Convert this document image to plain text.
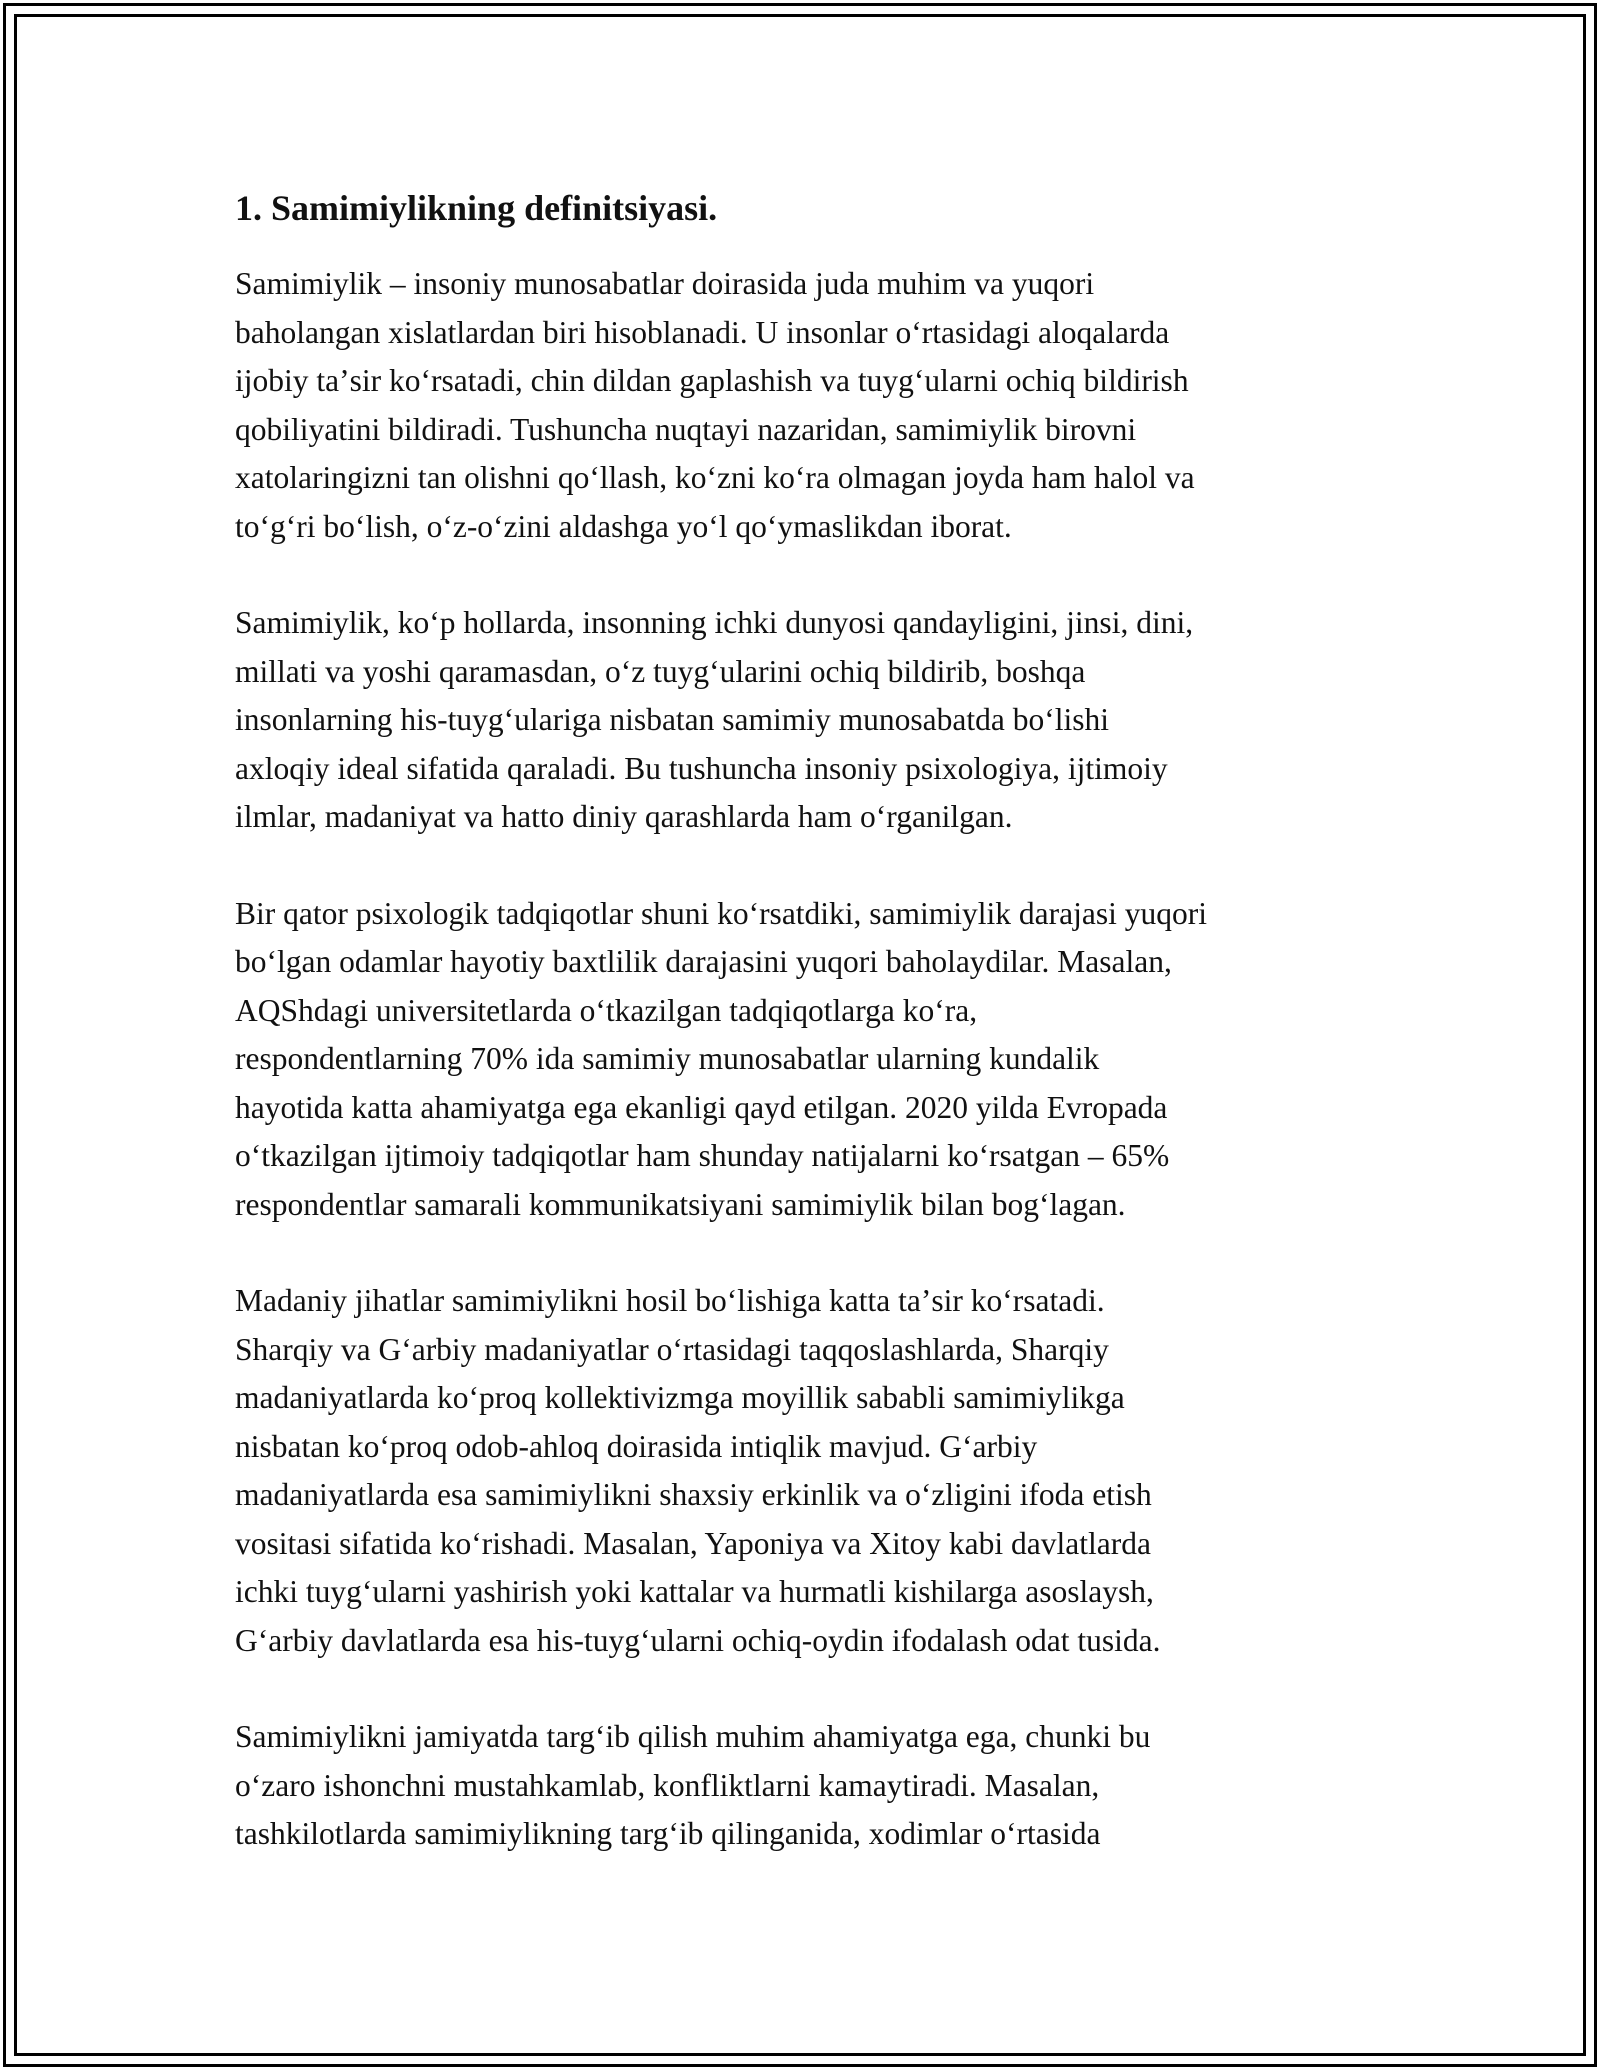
1. Samimiylikning definitsiyasi.
Samimiylik – insoniy munosabatlar doirasida juda muhim va yuqori
baholangan xislatlardan biri hisoblanadi. U insonlar oʻrtasidagi aloqalarda
ijobiy taʼsir koʻrsatadi, chin dildan gaplashish va tuygʻularni ochiq bildirish
qobiliyatini bildiradi. Tushuncha nuqtayi nazaridan, samimiylik birovni
xatolaringizni tan olishni qoʻllash, koʻzni koʻra olmagan joyda ham halol va
toʻgʻri boʻlish, oʻz-oʻzini aldashga yoʻl qoʻymaslikdan iborat.
Samimiylik, koʻp hollarda, insonning ichki dunyosi qandayligini, jinsi, dini,
millati va yoshi qaramasdan, oʻz tuygʻularini ochiq bildirib, boshqa
insonlarning his-tuygʻulariga nisbatan samimiy munosabatda boʻlishi
axloqiy ideal sifatida qaraladi. Bu tushuncha insoniy psixologiya, ijtimoiy
ilmlar, madaniyat va hatto diniy qarashlarda ham oʻrganilgan.
Bir qator psixologik tadqiqotlar shuni koʻrsatdiki, samimiylik darajasi yuqori
boʻlgan odamlar hayotiy baxtlilik darajasini yuqori baholaydilar. Masalan,
AQShdagi universitetlarda oʻtkazilgan tadqiqotlarga koʻra,
respondentlarning 70% ida samimiy munosabatlar ularning kundalik
hayotida katta ahamiyatga ega ekanligi qayd etilgan. 2020 yilda Evropada
oʻtkazilgan ijtimoiy tadqiqotlar ham shunday natijalarni koʻrsatgan – 65%
respondentlar samarali kommunikatsiyani samimiylik bilan bogʻlagan.
Madaniy jihatlar samimiylikni hosil boʻlishiga katta taʼsir koʻrsatadi.
Sharqiy va Gʻarbiy madaniyatlar oʻrtasidagi taqqoslashlarda, Sharqiy
madaniyatlarda koʻproq kollektivizmga moyillik sababli samimiylikga
nisbatan koʻproq odob-ahloq doirasida intiqlik mavjud. Gʻarbiy
madaniyatlarda esa samimiylikni shaxsiy erkinlik va oʻzligini ifoda etish
vositasi sifatida koʻrishadi. Masalan, Yaponiya va Xitoy kabi davlatlarda
ichki tuygʻularni yashirish yoki kattalar va hurmatli kishilarga asoslaysh,
Gʻarbiy davlatlarda esa his-tuygʻularni ochiq-oydin ifodalash odat tusida.
Samimiylikni jamiyatda targʻib qilish muhim ahamiyatga ega, chunki bu
oʻzaro ishonchni mustahkamlab, konfliktlarni kamaytiradi. Masalan,
tashkilotlarda samimiylikning targʻib qilinganida, xodimlar oʻrtasida
